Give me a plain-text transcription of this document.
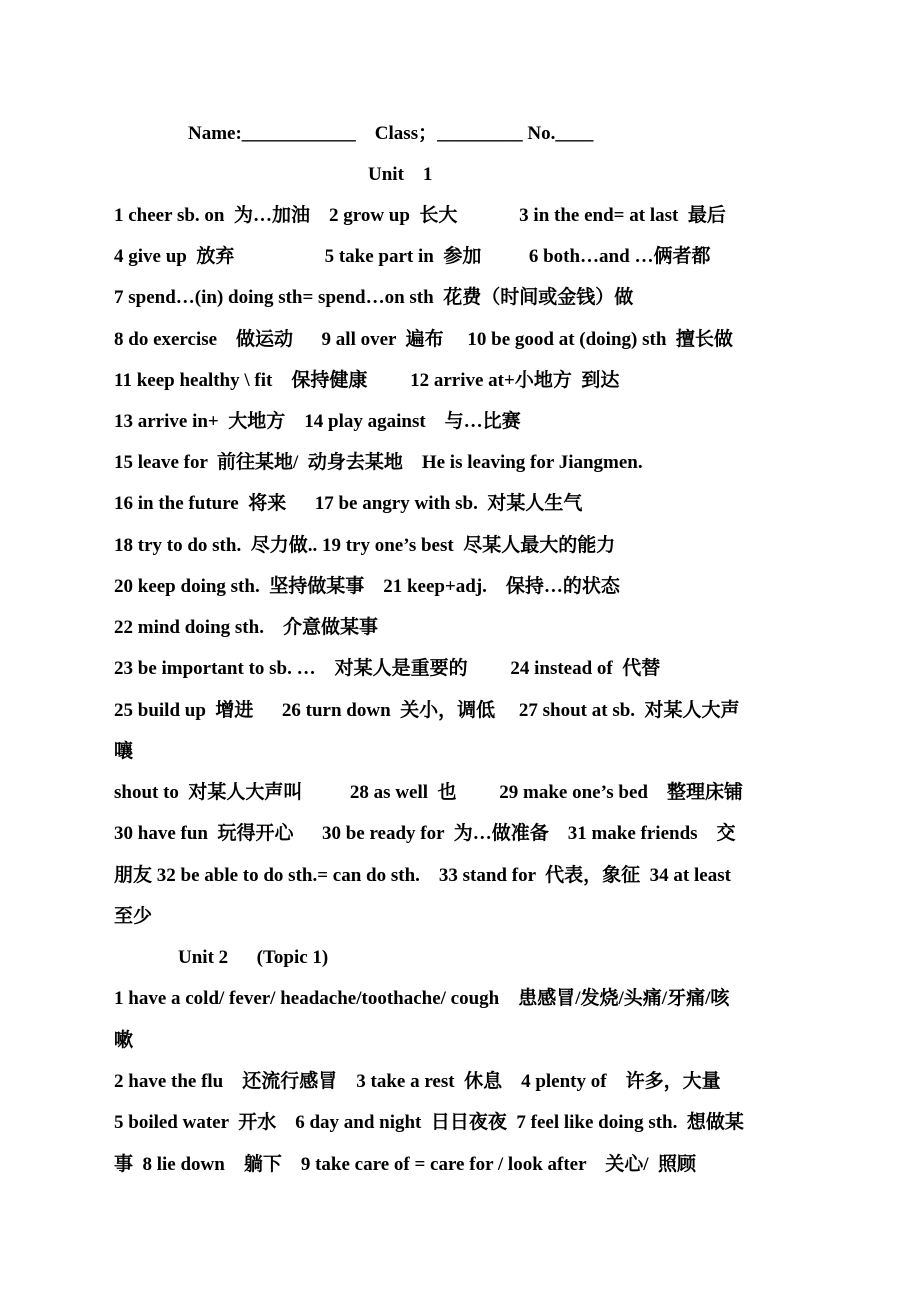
Name:____________    Class；_________ No.____
Unit    1
1 cheer sb. on  为…加油    2 grow up  长大             3 in the end= at last  最后
4 give up  放弃                   5 take part in  参加          6 both…and …俩者都
7 spend…(in) doing sth= spend…on sth  花费（时间或金钱）做
8 do exercise    做运动      9 all over  遍布     10 be good at (doing) sth  擅长做
11 keep healthy \ fit    保持健康         12 arrive at+小地方  到达
13 arrive in+  大地方    14 play against    与…比赛
15 leave for  前往某地/  动身去某地    He is leaving for Jiangmen.
16 in the future  将来      17 be angry with sb.  对某人生气
18 try to do sth.  尽力做.. 19 try one’s best  尽某人最大的能力
20 keep doing sth.  坚持做某事    21 keep+adj.    保持…的状态
22 mind doing sth.    介意做某事
23 be important to sb. …    对某人是重要的         24 instead of  代替
25 build up  增进      26 turn down  关小，调低     27 shout at sb.  对某人大声
嚷
shout to  对某人大声叫          28 as well  也         29 make one’s bed    整理床铺
30 have fun  玩得开心      30 be ready for  为…做准备    31 make friends    交
朋友 32 be able to do sth.= can do sth.    33 stand for  代表，象征  34 at least
至少
Unit 2      (Topic 1)
1 have a cold/ fever/ headache/toothache/ cough    患感冒/发烧/头痛/牙痛/咳
嗽
2 have the flu    还流行感冒    3 take a rest  休息    4 plenty of    许多，大量
5 boiled water  开水    6 day and night  日日夜夜  7 feel like doing sth.  想做某
事  8 lie down    躺下    9 take care of = care for / look after    关心/  照顾
